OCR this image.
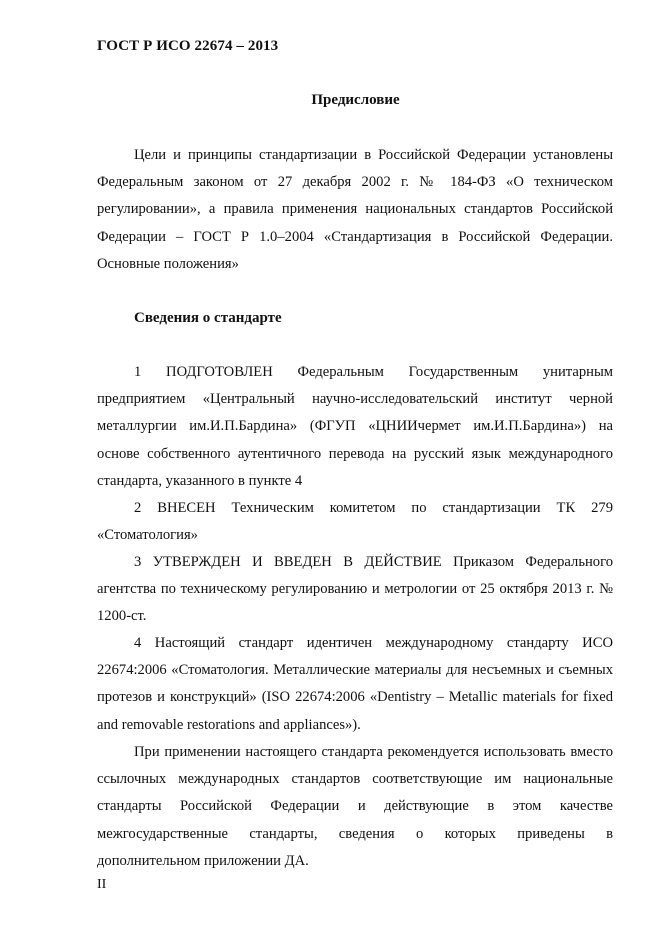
ГОСТ Р ИСО 22674 – 2013
Предисловие

Цели и принципы стандартизации в Российской Федерации установлены Федеральным законом от 27 декабря 2002 г. № 184-ФЗ «О техническом регулировании», а правила применения национальных стандартов Российской Федерации – ГОСТ Р 1.0–2004 «Стандартизация в Российской Федерации. Основные положения»

Сведения о стандарте

1 ПОДГОТОВЛЕН Федеральным Государственным унитарным предприятием «Центральный научно-исследовательский институт черной металлургии им.И.П.Бардина» (ФГУП «ЦНИИчермет им.И.П.Бардина») на основе собственного аутентичного перевода на русский язык международного стандарта, указанного в пункте 4

2 ВНЕСЕН Техническим комитетом по стандартизации ТК 279 «Стоматология»

3 УТВЕРЖДЕН И ВВЕДЕН В ДЕЙСТВИЕ Приказом Федерального агентства по техническому регулированию и метрологии от 25 октября 2013 г. № 1200-ст.

4 Настоящий стандарт идентичен международному стандарту ИСО 22674:2006 «Стоматология. Металлические материалы для несъемных и съемных протезов и конструкций» (ISO 22674:2006 «Dentistry – Metallic materials for fixed and removable restorations and appliances»).

При применении настоящего стандарта рекомендуется использовать вместо ссылочных международных стандартов соответствующие им национальные стандарты Российской Федерации и действующие в этом качестве межгосударственные стандарты, сведения о которых приведены в дополнительном приложении ДА.

II
